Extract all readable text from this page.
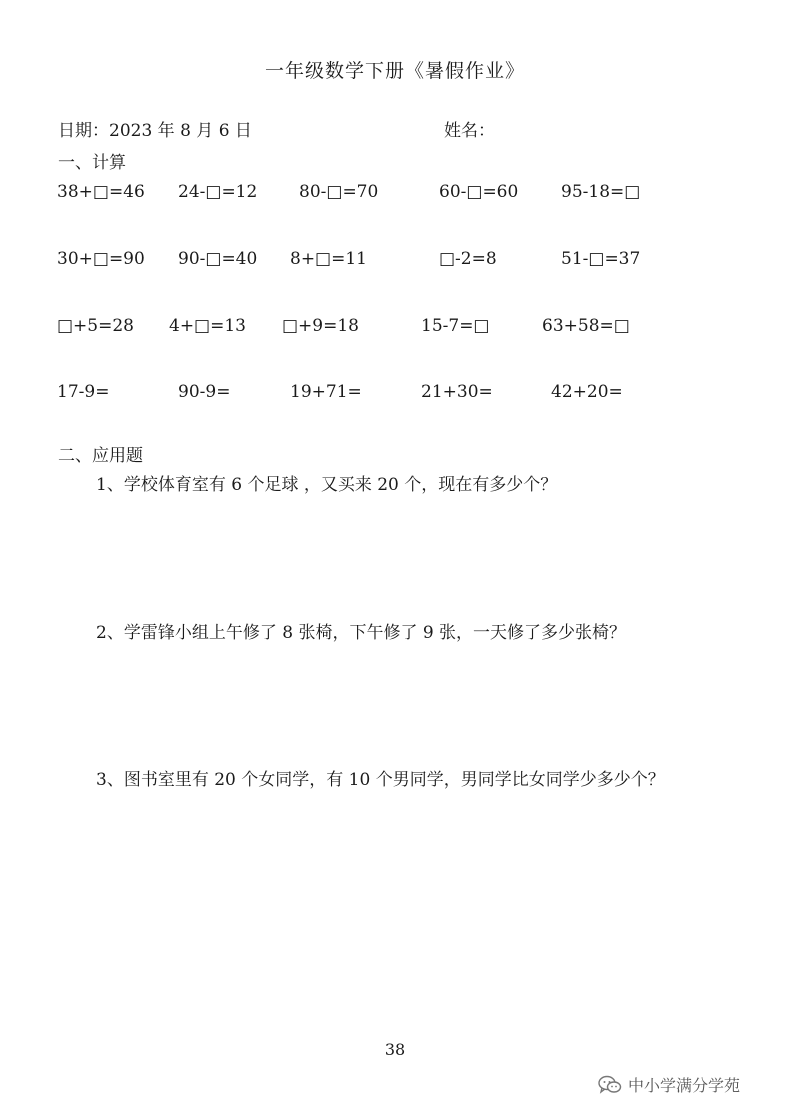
一年级数学下册《暑假作业》
日期：2023 年 8 月 6 日	姓名：
一、计算
38+□=46 24-□=12 80-□=70	60-□=60	95-18=□
30+□=90 90-□=40 8+□=11	□-2=8	51-□=37
□+5=28 4+□=13 □+9=18	15-7=□	63+58=□
17-9=	90-9=	19+71=	21+30=	42+20=
二、应用题
1、学校体育室有 6 个足球 ，又买来 20 个，现在有多少个？
2、学雷锋小组上午修了 8 张椅，下午修了 9 张，一天修了多少张椅？
3、图书室里有 20 个女同学，有 10 个男同学，男同学比女同学少多少个？
38
中小学满分学苑
